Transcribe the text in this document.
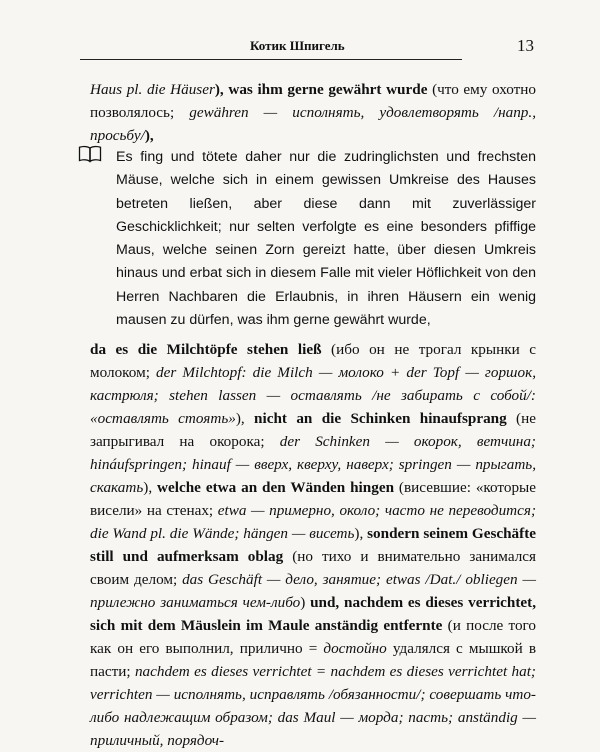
Котик Шпигель	13

Haus pl. die Häuser), was ihm gerne gewährt wurde (что ему охотно позволялось; gewähren — исполнять, удовлетворять /напр., просьбу/),

Es fing und tötete daher nur die zudringlichsten und frechsten Mäuse, welche sich in einem gewissen Umkreise des Hauses betreten ließen, aber diese dann mit zuverlässiger Geschicklichkeit; nur selten verfolgte es eine besonders pfiffige Maus, welche seinen Zorn gereizt hatte, über diesen Umkreis hinaus und erbat sich in diesem Falle mit vieler Höflichkeit von den Herren Nachbaren die Erlaubnis, in ihren Häusern ein wenig mausen zu dürfen, was ihm gerne gewährt wurde,

da es die Milchtöpfe stehen ließ (ибо он не трогал крынки с молоком; der Milchtopf: die Milch — молоко + der Topf — горшок, кастрюля; stehen lassen — оставлять /не забирать с собой/: «оставлять стоять»), nicht an die Schinken hinaufsprang (не запрыгивал на окорока; der Schinken — окорок, ветчина; hináufspringen; hinauf — вверх, кверху, наверх; springen — прыгать, скакать), welche etwa an den Wänden hingen (висевшие: «которые висели» на стенах; etwa — примерно, около; часто не переводится; die Wand pl. die Wände; hängen — висеть), sondern seinem Geschäfte still und aufmerksam oblag (но тихо и внимательно занимался своим делом; das Geschäft — дело, занятие; etwas /Dat./ obliegen — прилежно заниматься чем-либо) und, nachdem es dieses verrichtet, sich mit dem Mäuslein im Maule anständig entfernte (и после того как он его выполнил, прилично = достойно удалялся с мышкой в пасти; nachdem es dieses verrichtet = nachdem es dieses verrichtet hat; verrichten — исполнять, исправлять /обязанности/; совершать что-либо надлежащим образом; das Maul — морда; пасть; anständig — приличный, порядоч-
